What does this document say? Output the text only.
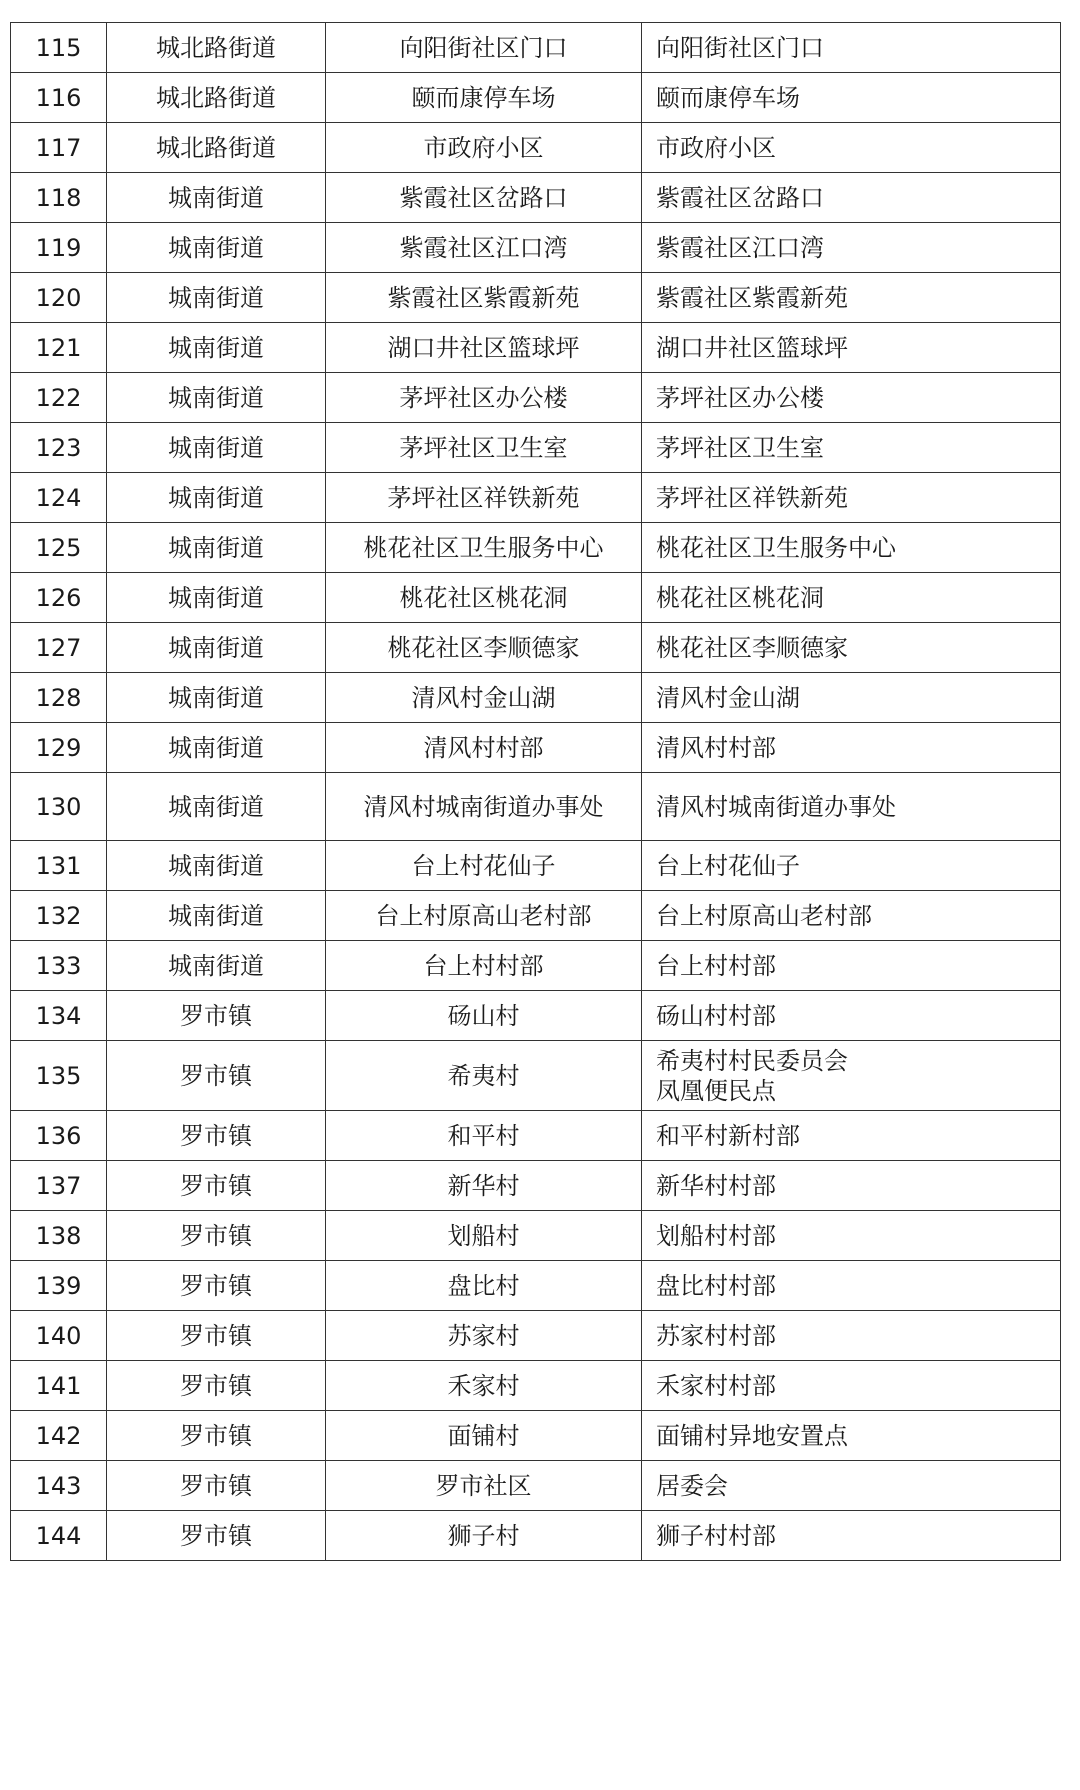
115	城北路街道	向阳街社区门口	向阳街社区门口
116	城北路街道	颐而康停车场	颐而康停车场
117	城北路街道	市政府小区	市政府小区
118	城南街道	紫霞社区岔路口	紫霞社区岔路口
119	城南街道	紫霞社区江口湾	紫霞社区江口湾
120	城南街道	紫霞社区紫霞新苑	紫霞社区紫霞新苑
121	城南街道	湖口井社区篮球坪	湖口井社区篮球坪
122	城南街道	茅坪社区办公楼	茅坪社区办公楼
123	城南街道	茅坪社区卫生室	茅坪社区卫生室
124	城南街道	茅坪社区祥铁新苑	茅坪社区祥铁新苑
125	城南街道	桃花社区卫生服务中心	桃花社区卫生服务中心
126	城南街道	桃花社区桃花洞	桃花社区桃花洞
127	城南街道	桃花社区李顺德家	桃花社区李顺德家
128	城南街道	清风村金山湖	清风村金山湖
129	城南街道	清风村村部	清风村村部
130	城南街道	清风村城南街道办事处	清风村城南街道办事处
131	城南街道	台上村花仙子	台上村花仙子
132	城南街道	台上村原高山老村部	台上村原高山老村部
133	城南街道	台上村村部	台上村村部
134	罗市镇	砀山村	砀山村村部
135	罗市镇	希夷村	希夷村村民委员会
凤凰便民点
136	罗市镇	和平村	和平村新村部
137	罗市镇	新华村	新华村村部
138	罗市镇	划船村	划船村村部
139	罗市镇	盘比村	盘比村村部
140	罗市镇	苏家村	苏家村村部
141	罗市镇	禾家村	禾家村村部
142	罗市镇	面铺村	面铺村异地安置点
143	罗市镇	罗市社区	居委会
144	罗市镇	狮子村	狮子村村部
